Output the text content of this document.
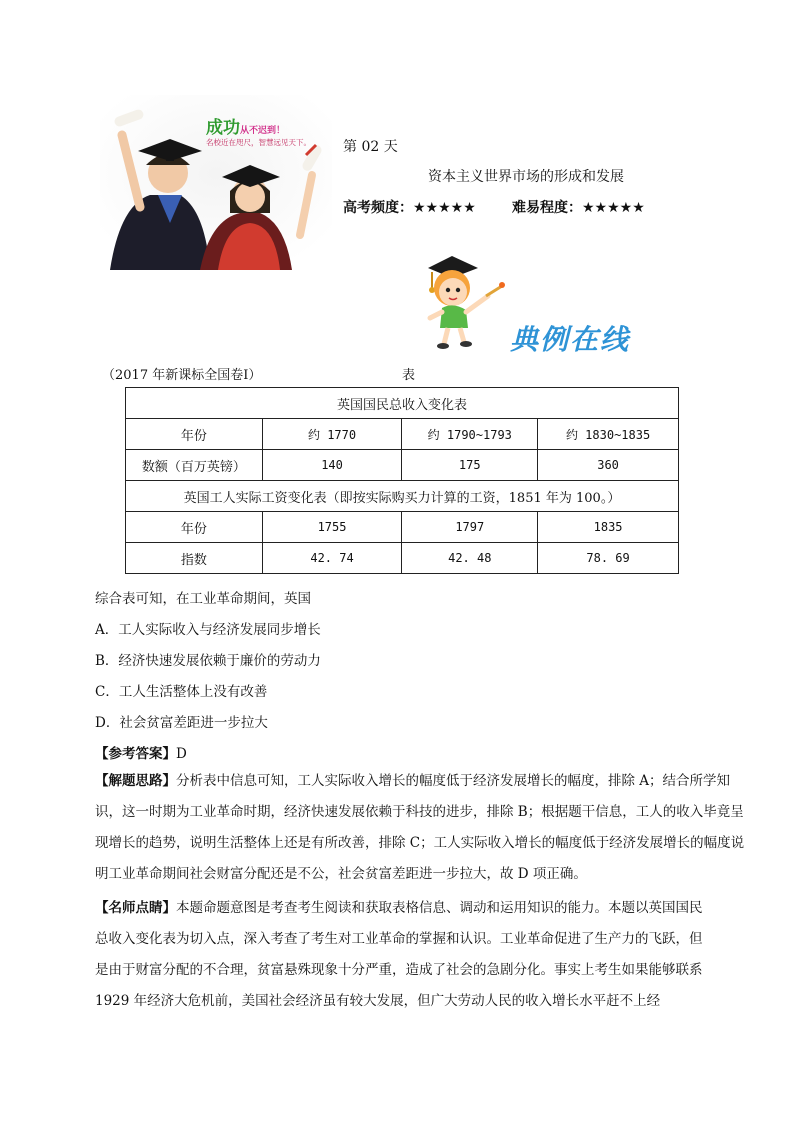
成功从不迟到！
名校近在咫尺，智慧远见天下。 第 02 天
资本主义世界市场的形成和发展
高考频度：★★★★★	难易程度：★★★★★
典例在线
（2017 年新课标全国卷Ⅰ）	表
英国国民总收入变化表			
年份	约 1770	约 1790~1793	约 1830~1835
数额（百万英镑）	140	175	360
英国工人实际工资变化表（即按实际购买力计算的工资，1851 年为 100。）			
年份	1755	1797	1835
指数	42. 74	42. 48	78. 69
综合表可知，在工业革命期间，英国
A．工人实际收入与经济发展同步增长
B．经济快速发展依赖于廉价的劳动力
C．工人生活整体上没有改善
D．社会贫富差距进一步拉大
【参考答案】D
【解题思路】分析表中信息可知，工人实际收入增长的幅度低于经济发展增长的幅度，排除 A；结合所学知识，这一时期为工业革命时期，经济快速发展依赖于科技的进步，排除 B；根据题干信息，工人的收入毕竟呈现增长的趋势，说明生活整体上还是有所改善，排除 C；工人实际收入增长的幅度低于经济发展增长的幅度说明工业革命期间社会财富分配还是不公，社会贫富差距进一步拉大，故 D 项正确。
【名师点睛】本题命题意图是考查考生阅读和获取表格信息、调动和运用知识的能力。本题以英国国民总收入变化表为切入点，深入考查了考生对工业革命的掌握和认识。工业革命促进了生产力的飞跃，但是由于财富分配的不合理，贫富悬殊现象十分严重，造成了社会的急剧分化。事实上考生如果能够联系 1929 年经济大危机前，美国社会经济虽有较大发展，但广大劳动人民的收入增长水平赶不上经
